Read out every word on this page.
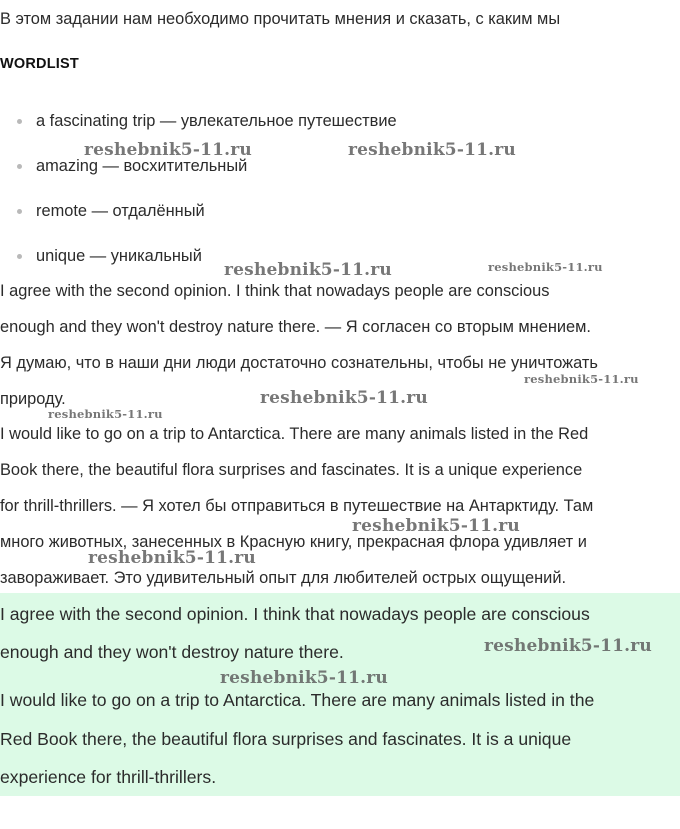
В этом задании нам необходимо прочитать мнения и сказать, с каким мы
WORDLIST
a fascinating trip — увлекательное путешествие
amazing — восхитительный
remote — отдалённый
unique — уникальный
I agree with the second opinion. I think that nowadays people are conscious
enough and they won't destroy nature there. — Я согласен со вторым мнением.
Я думаю, что в наши дни люди достаточно сознательны, чтобы не уничтожать
природу.
I would like to go on a trip to Antarctica. There are many animals listed in the Red
Book there, the beautiful flora surprises and fascinates. It is a unique experience
for thrill-thrillers. — Я хотел бы отправиться в путешествие на Антарктиду. Там
много животных, занесенных в Красную книгу, прекрасная флора удивляет и
завораживает. Это удивительный опыт для любителей острых ощущений.
I agree with the second opinion. I think that nowadays people are conscious
enough and they won't destroy nature there.
I would like to go on a trip to Antarctica. There are many animals listed in the
Red Book there, the beautiful flora surprises and fascinates. It is a unique
experience for thrill-thrillers.
reshebnik5-11.ru	reshebnik5-11.ru
reshebnik5-11.ru	reshebnik5-11.ru
reshebnik5-11.ru
reshebnik5-11.ru
reshebnik5-11.ru
reshebnik5-11.ru
reshebnik5-11.ru
reshebnik5-11.ru
reshebnik5-11.ru
